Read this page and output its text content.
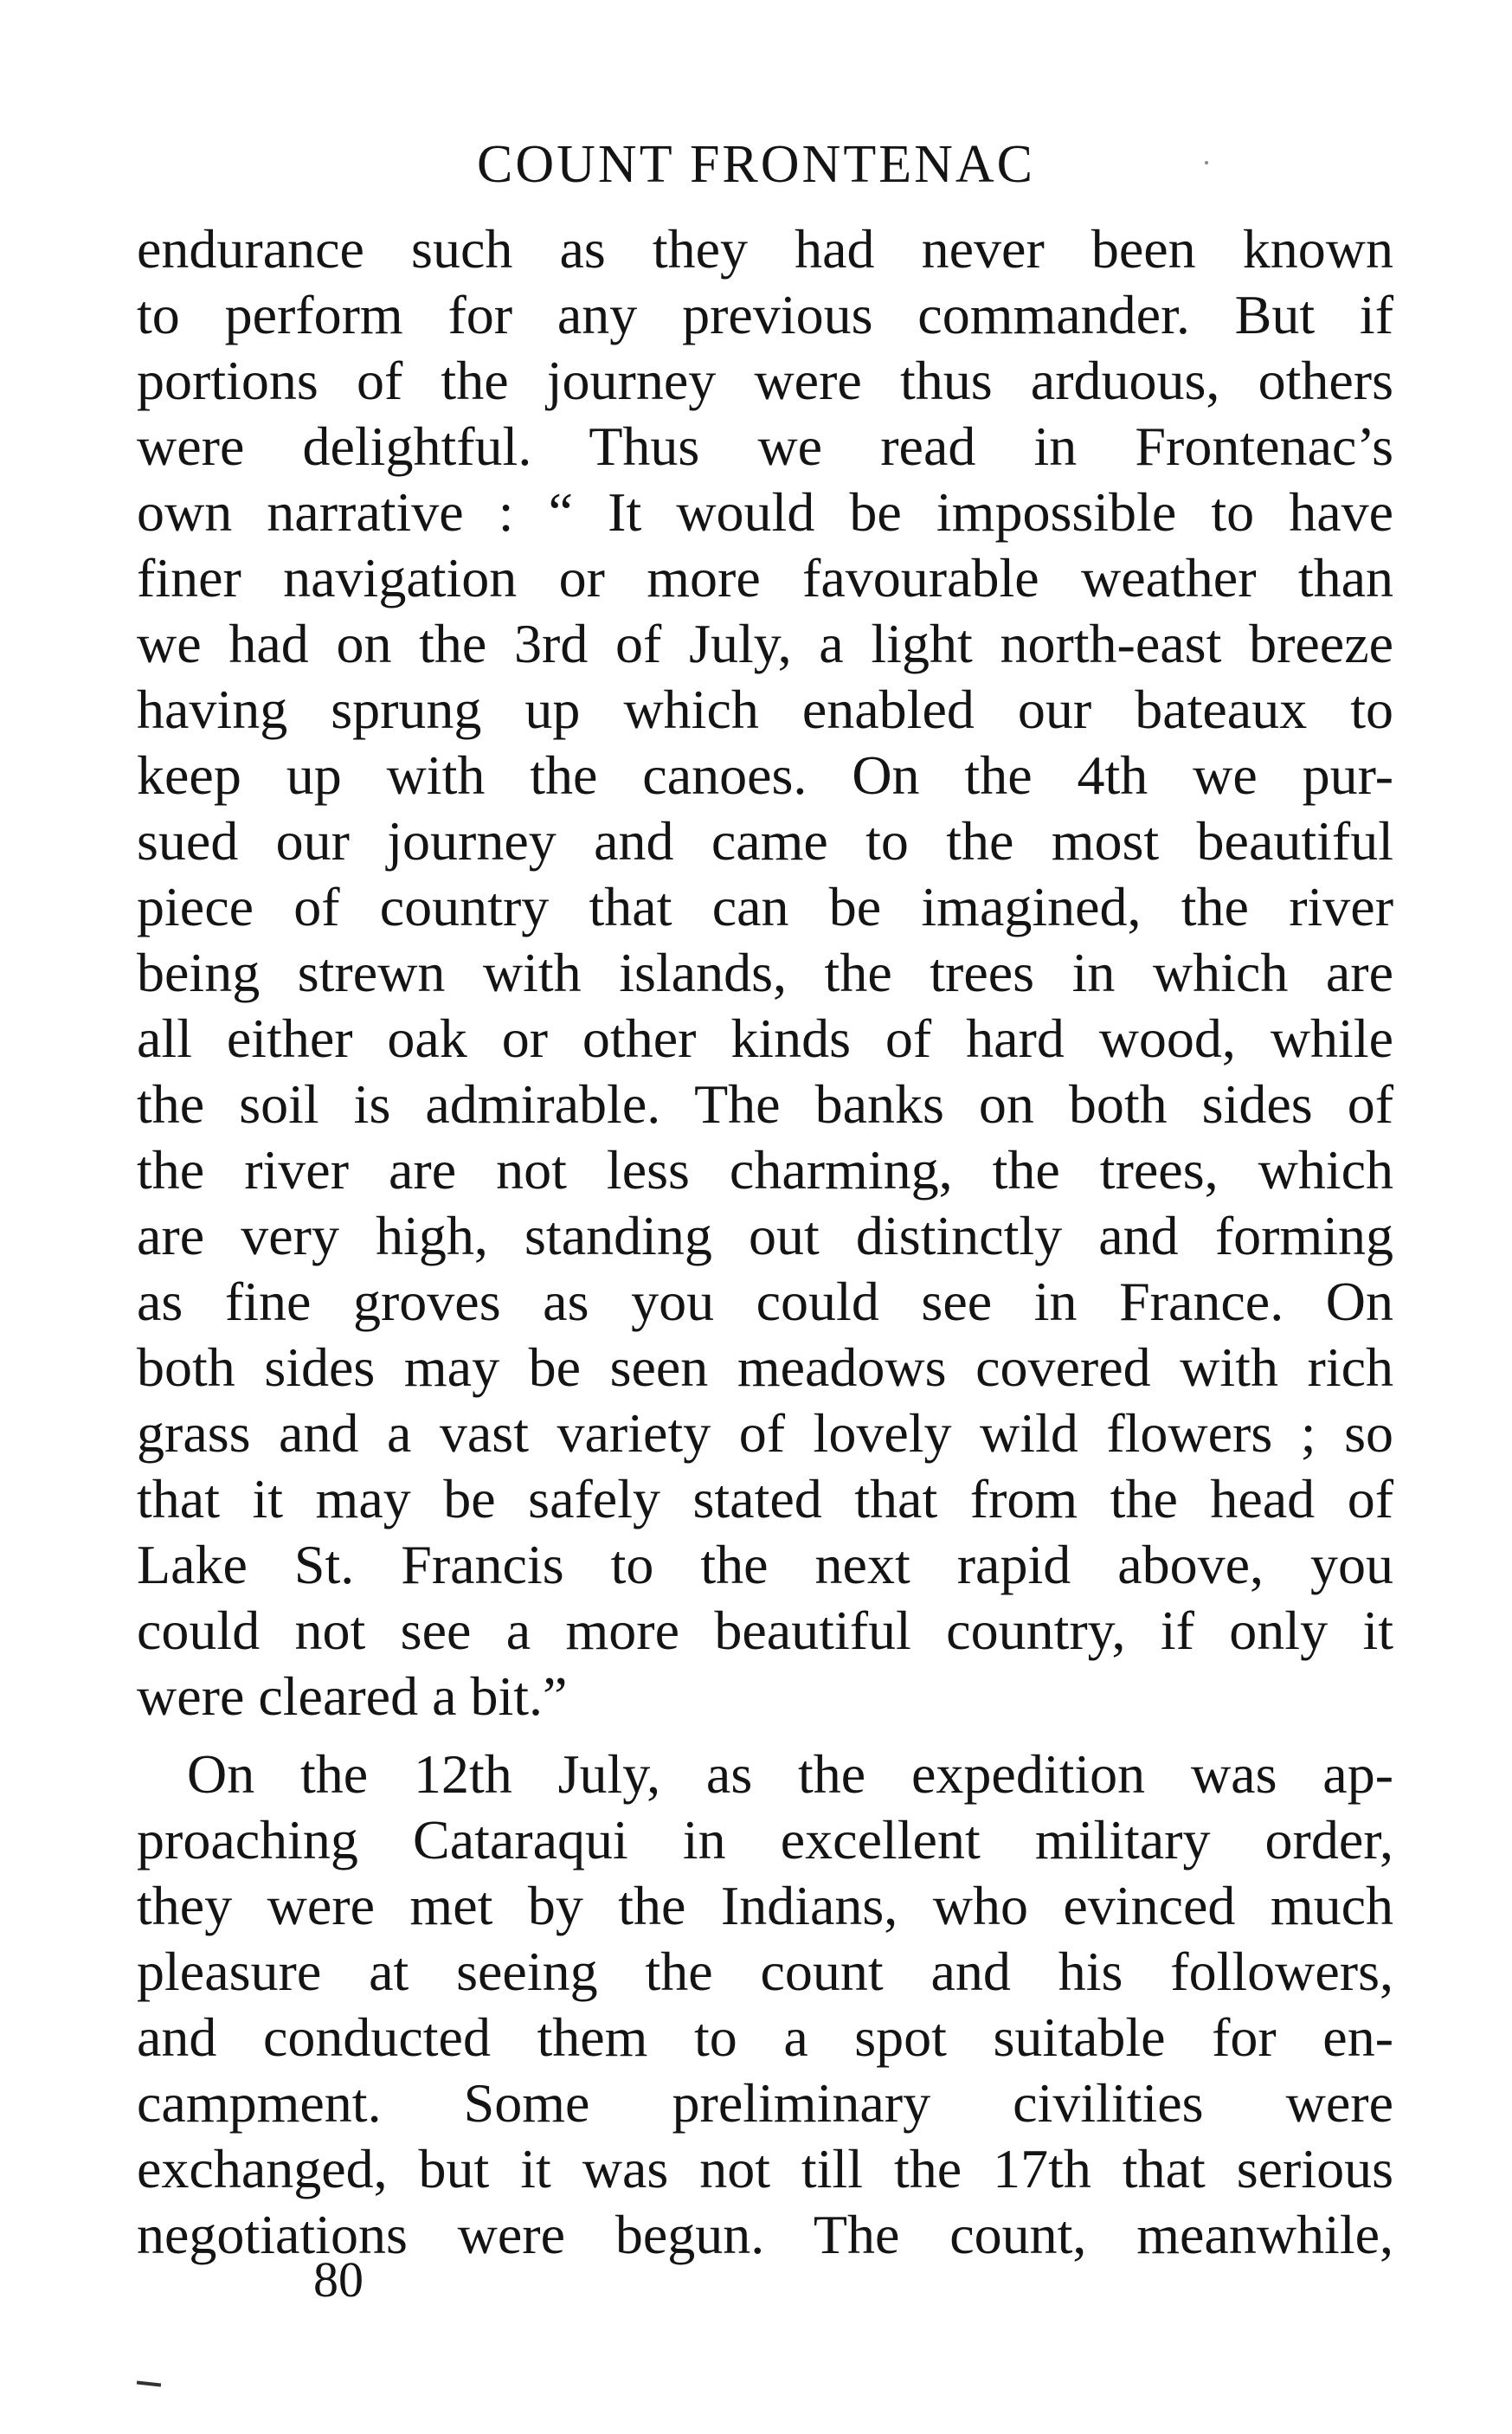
COUNT FRONTENAC
endurance such as they had never been known
to perform for any previous commander. But if
portions of the journey were thus arduous, others
were delightful. Thus we read in Frontenac’s
own narrative : “ It would be impossible to have
finer navigation or more favourable weather than
we had on the 3rd of July, a light north-east breeze
having sprung up which enabled our bateaux to
keep up with the canoes. On the 4th we pur-
sued our journey and came to the most beautiful
piece of country that can be imagined, the river
being strewn with islands, the trees in which are
all either oak or other kinds of hard wood, while
the soil is admirable. The banks on both sides of
the river are not less charming, the trees, which
are very high, standing out distinctly and forming
as fine groves as you could see in France. On
both sides may be seen meadows covered with rich
grass and a vast variety of lovely wild flowers ; so
that it may be safely stated that from the head of
Lake St. Francis to the next rapid above, you
could not see a more beautiful country, if only it
were cleared a bit.”
On the 12th July, as the expedition was ap-
proaching Cataraqui in excellent military order,
they were met by the Indians, who evinced much
pleasure at seeing the count and his followers,
and conducted them to a spot suitable for en-
campment. Some preliminary civilities were
exchanged, but it was not till the 17th that serious
negotiations were begun. The count, meanwhile,
80
